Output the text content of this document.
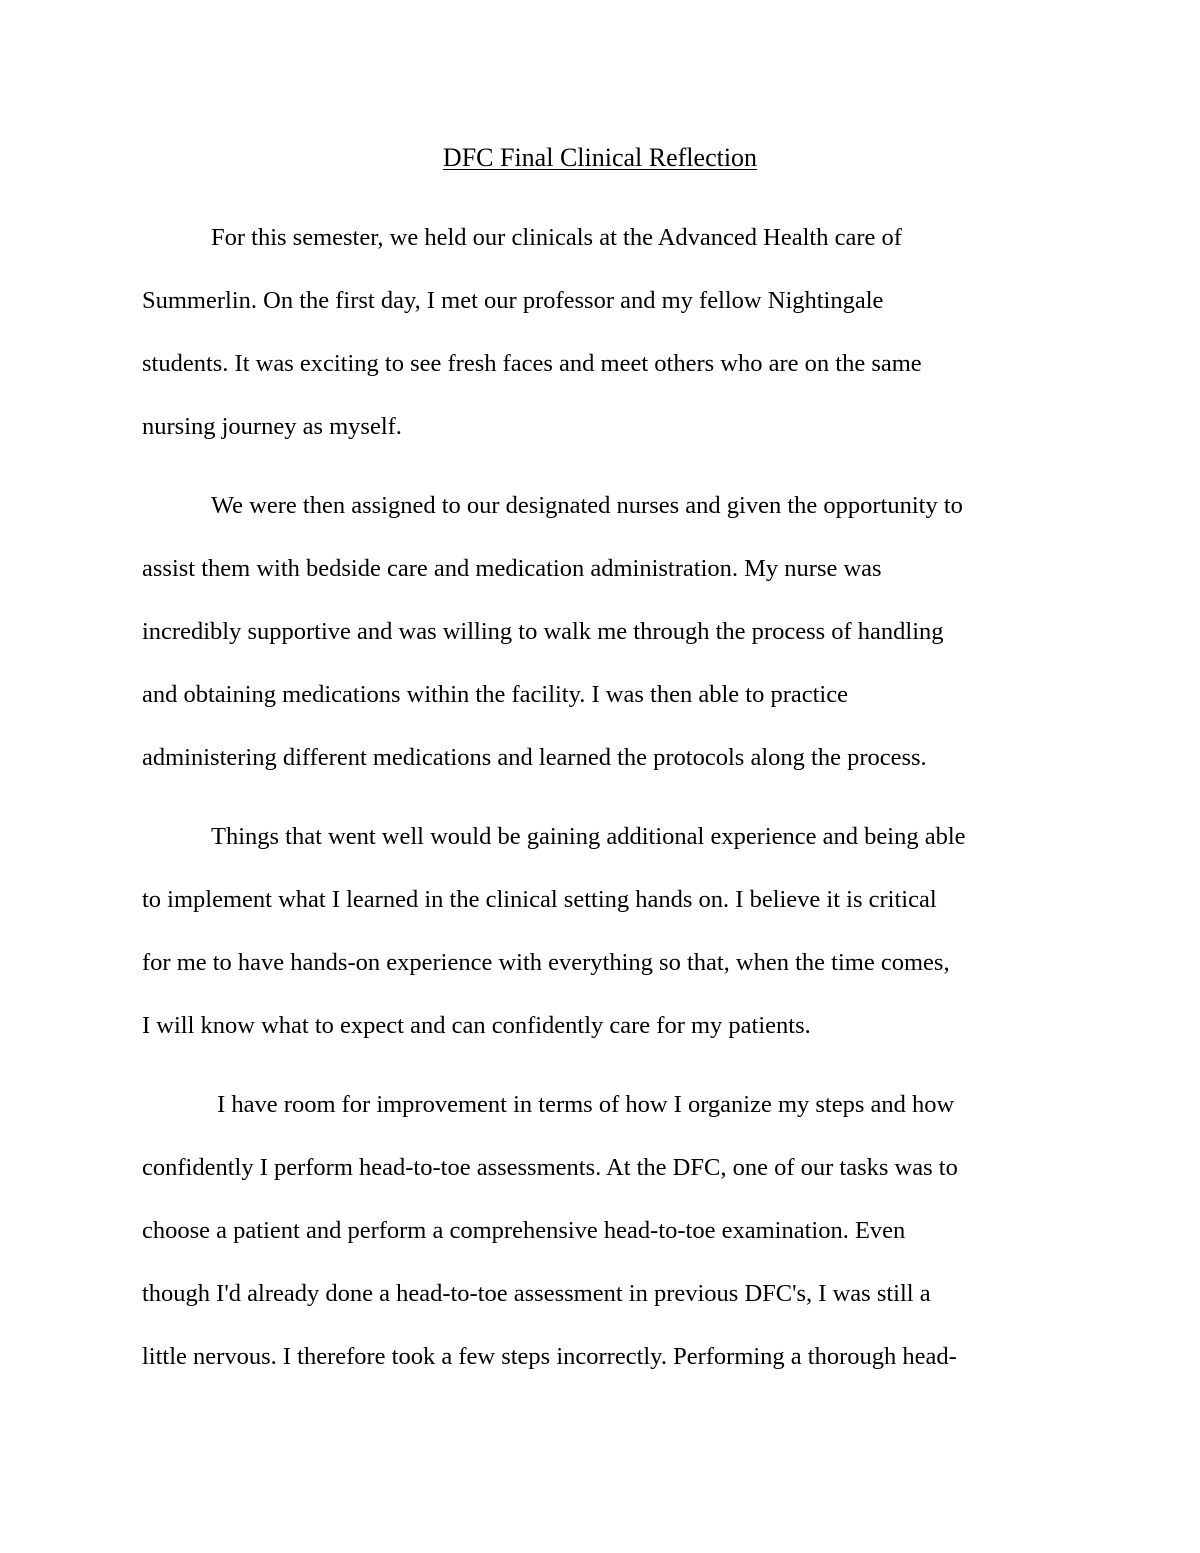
DFC Final Clinical Reflection
For this semester, we held our clinicals at the Advanced Health care of
Summerlin. On the first day, I met our professor and my fellow Nightingale
students. It was exciting to see fresh faces and meet others who are on the same
nursing journey as myself.
We were then assigned to our designated nurses and given the opportunity to
assist them with bedside care and medication administration. My nurse was
incredibly supportive and was willing to walk me through the process of handling
and obtaining medications within the facility. I was then able to practice
administering different medications and learned the protocols along the process.
Things that went well would be gaining additional experience and being able
to implement what I learned in the clinical setting hands on. I believe it is critical
for me to have hands-on experience with everything so that, when the time comes,
I will know what to expect and can confidently care for my patients.
I have room for improvement in terms of how I organize my steps and how
confidently I perform head-to-toe assessments. At the DFC, one of our tasks was to
choose a patient and perform a comprehensive head-to-toe examination. Even
though I'd already done a head-to-toe assessment in previous DFC's, I was still a
little nervous. I therefore took a few steps incorrectly. Performing a thorough head-
